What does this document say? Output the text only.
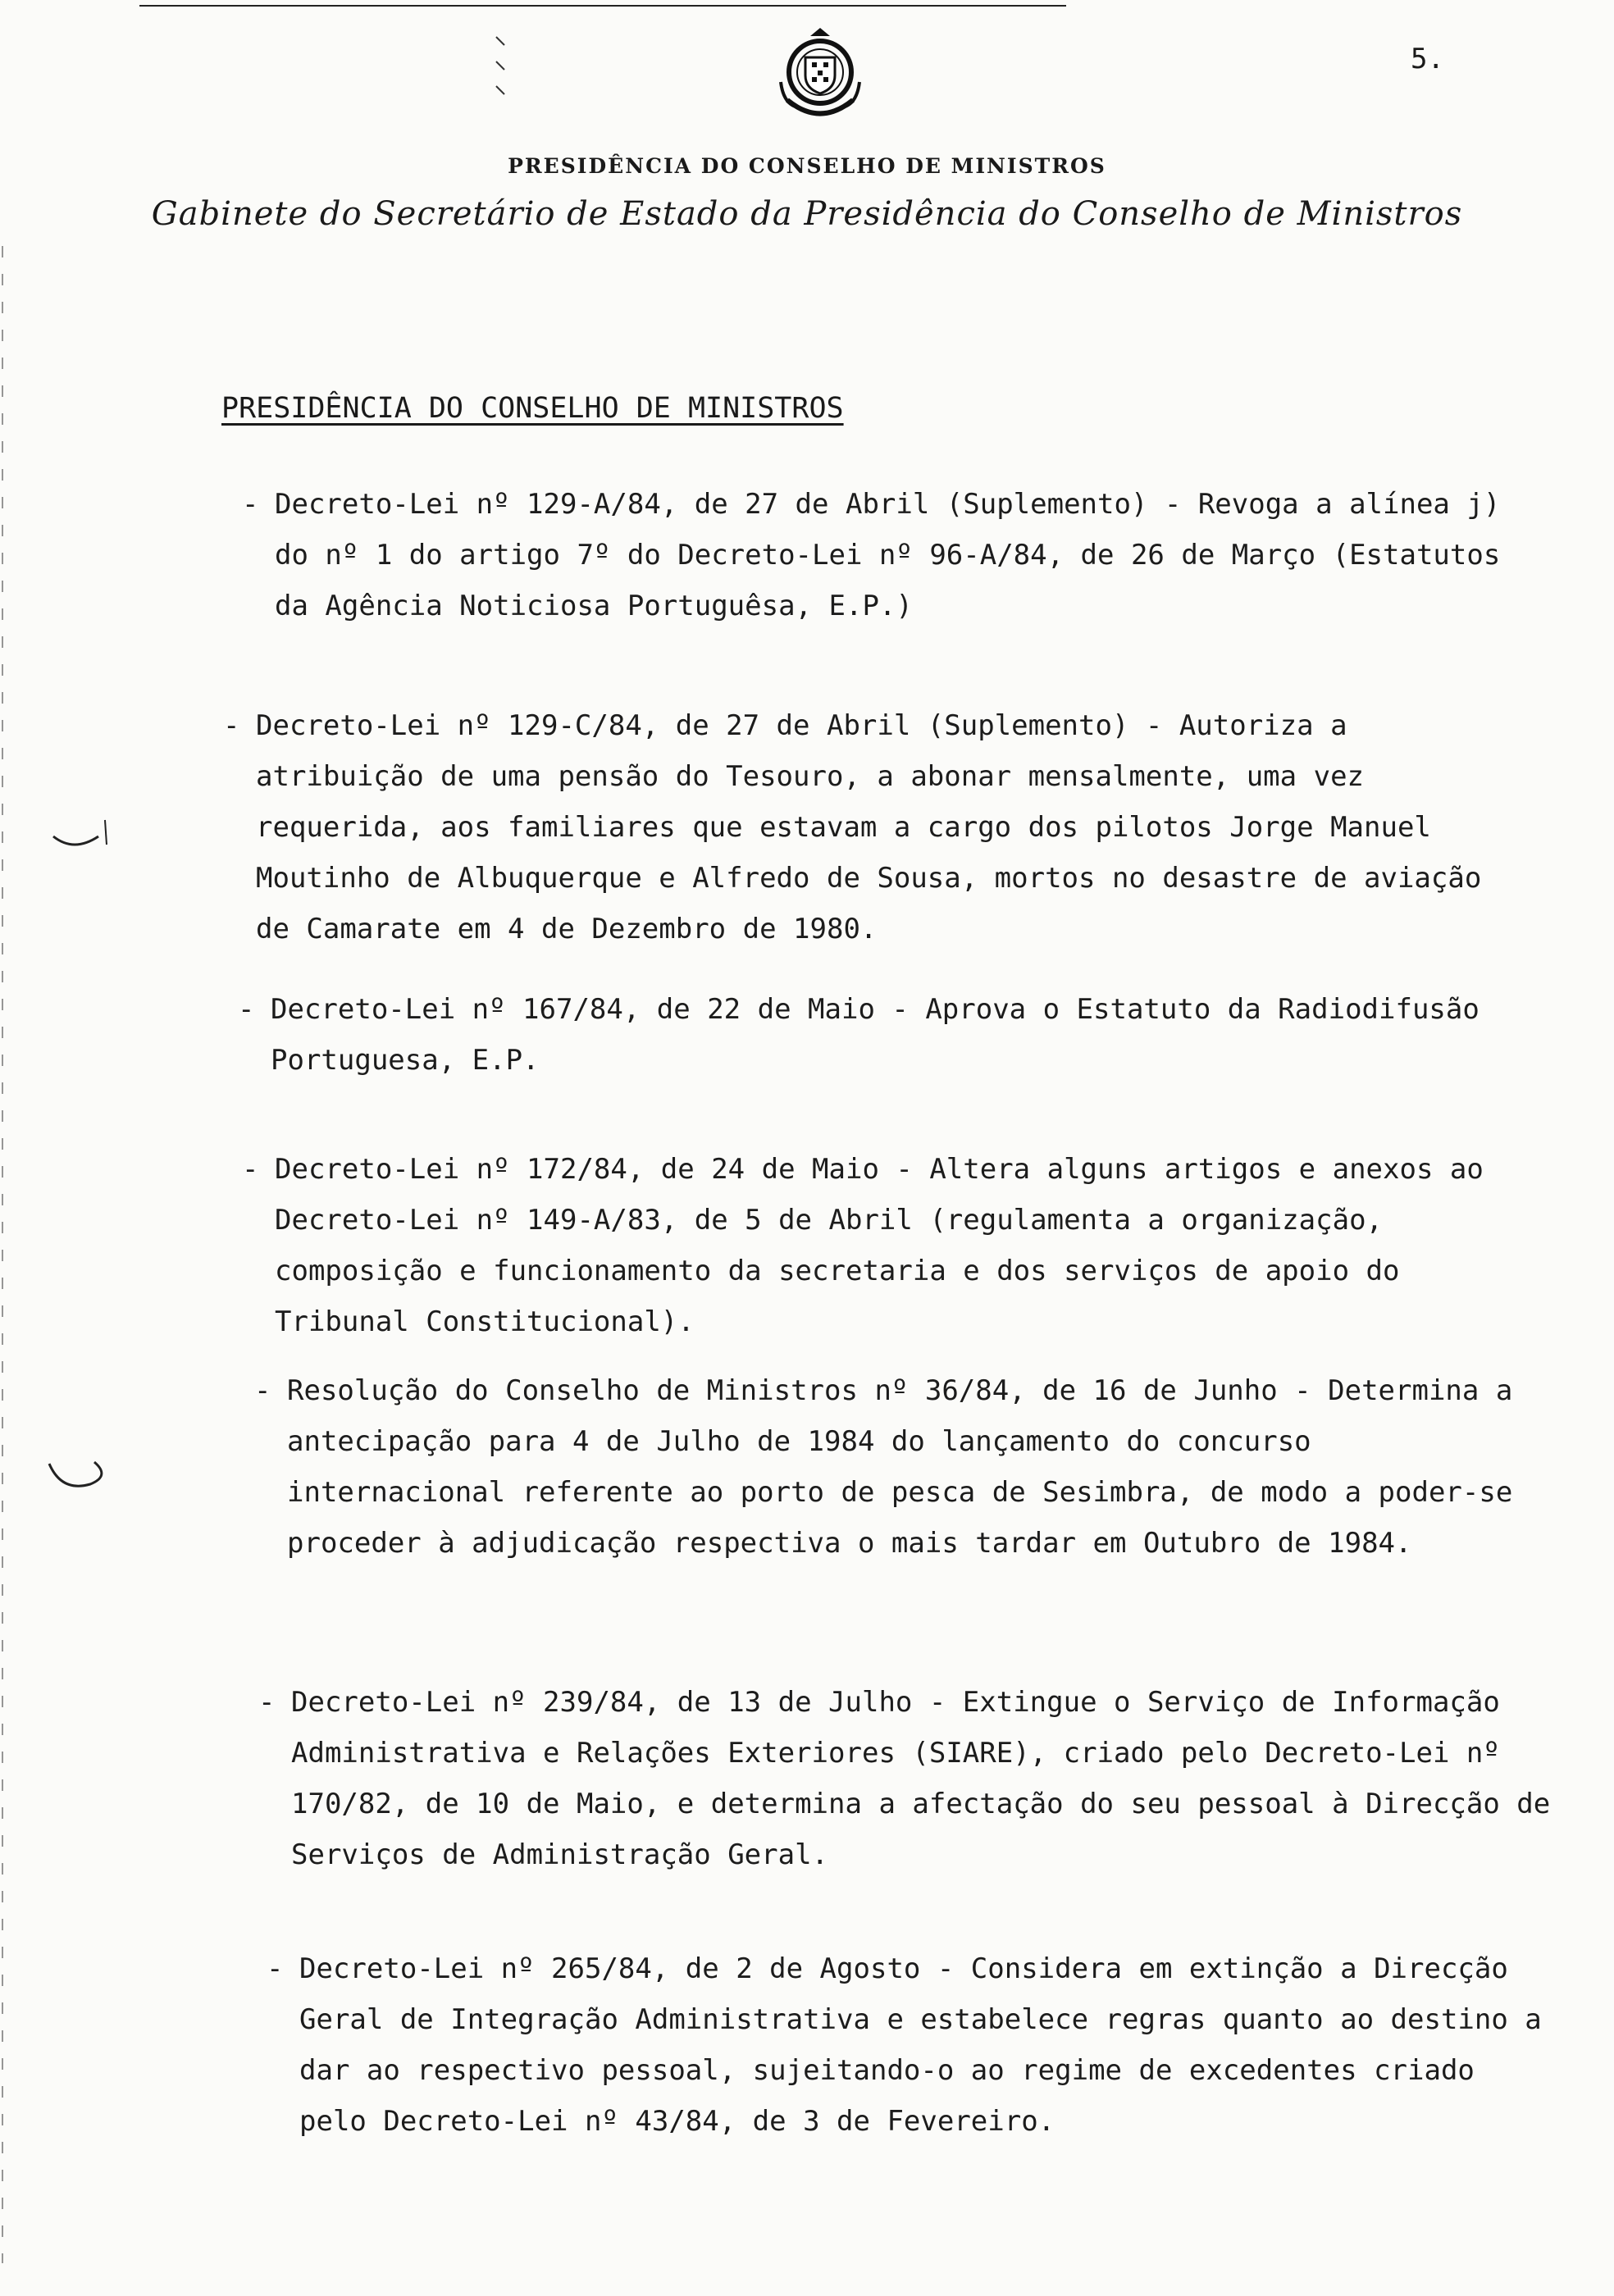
5.
PRESIDÊNCIA DO CONSELHO DE MINISTROS
Gabinete do Secretário de Estado da Presidência do Conselho de Ministros
PRESIDÊNCIA DO CONSELHO DE MINISTROS
- Decreto-Lei nº 129-A/84, de 27 de Abril (Suplemento) - Revoga a alínea j) do nº 1 do artigo 7º do Decreto-Lei nº 96-A/84, de 26 de Março (Estatutos da Agência Noticiosa Portuguêsa, E.P.)
- Decreto-Lei nº 129-C/84, de 27 de Abril (Suplemento) - Autoriza a atribuição de uma pensão do Tesouro, a abonar mensalmente, uma vez requerida, aos familiares que estavam a cargo dos pilotos Jorge Manuel Moutinho de Albuquerque e Alfredo de Sousa, mortos no desastre de aviação de Camarate em 4 de Dezembro de 1980.
- Decreto-Lei nº 167/84, de 22 de Maio - Aprova o Estatuto da Radiodifusão Portuguesa, E.P.
- Decreto-Lei nº 172/84, de 24 de Maio - Altera alguns artigos e anexos ao Decreto-Lei nº 149-A/83, de 5 de Abril (regulamenta a organização, composição e funcionamento da secretaria e dos serviços de apoio do Tribunal Constitucional).
- Resolução do Conselho de Ministros nº 36/84, de 16 de Junho - Determina a antecipação para 4 de Julho de 1984 do lançamento do concurso internacional referente ao porto de pesca de Sesimbra, de modo a poder-se proceder à adjudicação respectiva o mais tardar em Outubro de 1984.
- Decreto-Lei nº 239/84, de 13 de Julho - Extingue o Serviço de Informação Administrativa e Relações Exteriores (SIARE), criado pelo Decreto-Lei nº 170/82, de 10 de Maio, e determina a afectação do seu pessoal à Direcção de Serviços de Administração Geral.
- Decreto-Lei nº 265/84, de 2 de Agosto - Considera em extinção a Direcção Geral de Integração Administrativa e estabelece regras quanto ao destino a dar ao respectivo pessoal, sujeitando-o ao regime de excedentes criado pelo Decreto-Lei nº 43/84, de 3 de Fevereiro.
